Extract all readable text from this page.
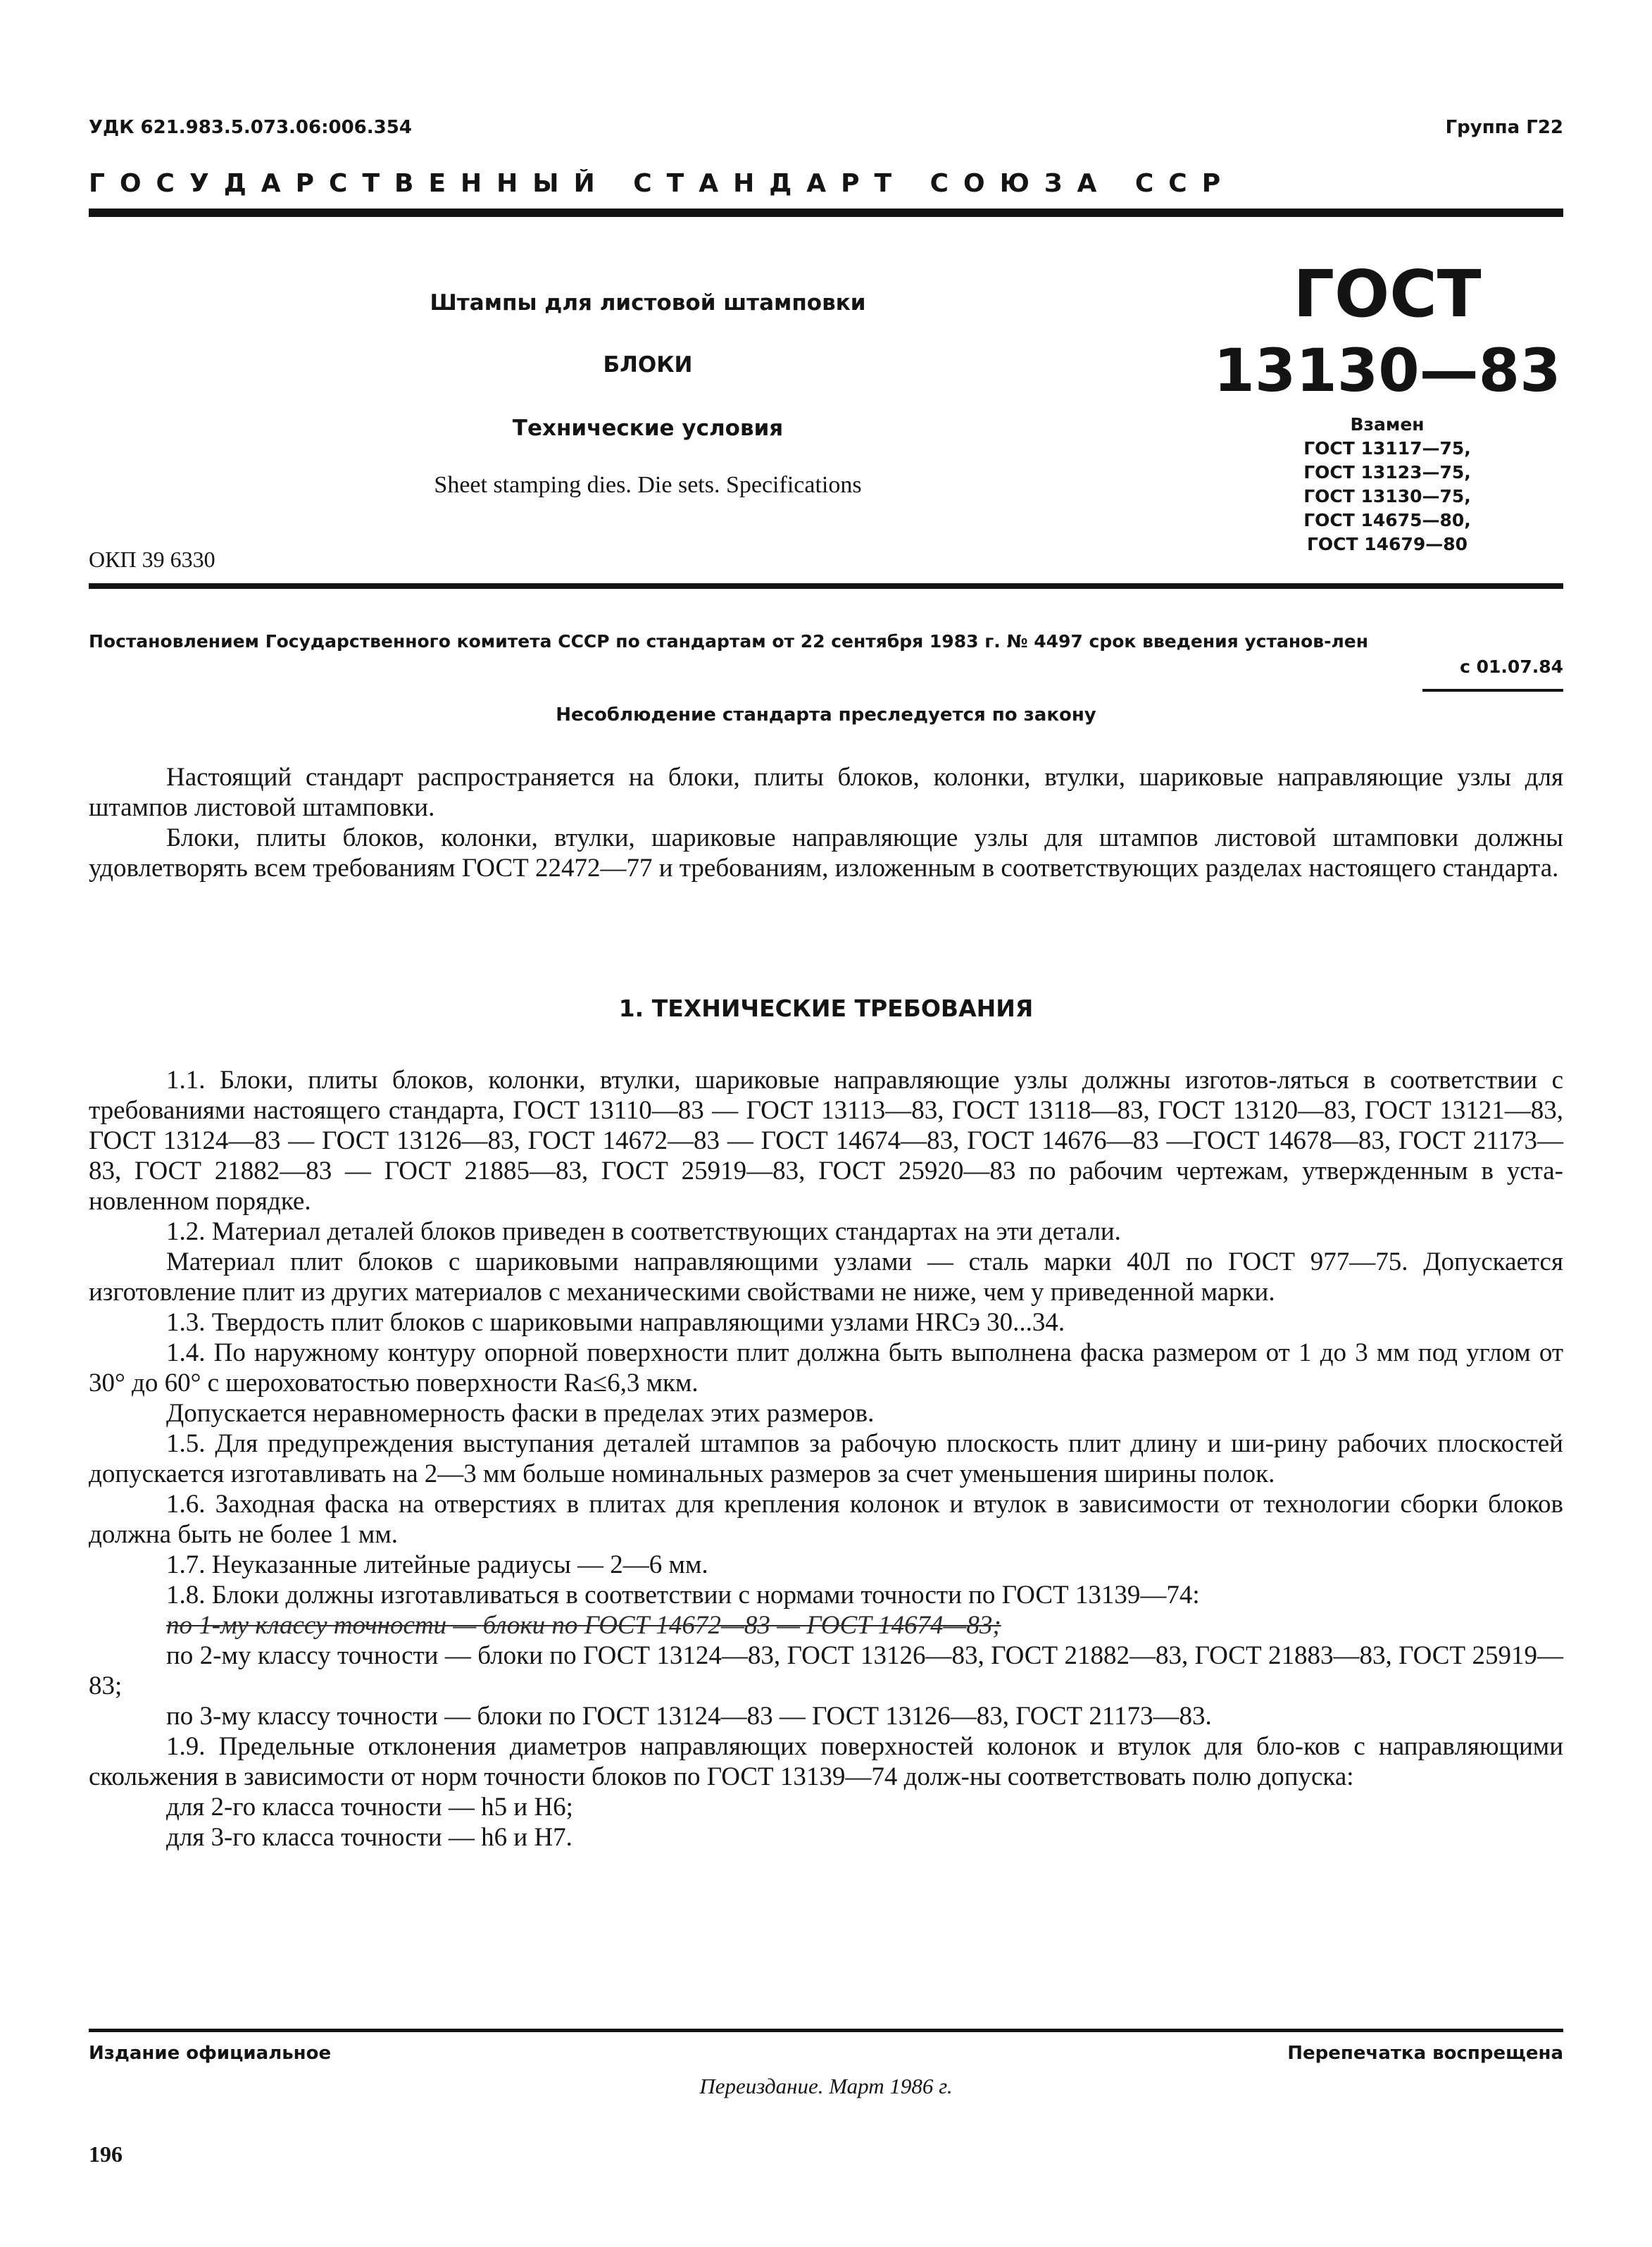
УДК 621.983.5.073.06:006.354	Группа Г22
ГОСУДАРСТВЕННЫЙ СТАНДАРТ СОЮЗА ССР
Штампы для листовой штамповки
БЛОКИ
Технические условия
Sheet stamping dies. Die sets. Specifications
ОКП 39 6330
ГОСТ
13130—83
Взамен
ГОСТ 13117—75,
ГОСТ 13123—75,
ГОСТ 13130—75,
ГОСТ 14675—80,
ГОСТ 14679—80
Постановлением Государственного комитета СССР по стандартам от 22 сентября 1983 г. № 4497 срок введения установ-лен
с 01.07.84
Несоблюдение стандарта преследуется по закону

Настоящий стандарт распространяется на блоки, плиты блоков, колонки, втулки, шариковые направляющие узлы для штампов листовой штамповки.

Блоки, плиты блоков, колонки, втулки, шариковые направляющие узлы для штампов листовой штамповки должны удовлетворять всем требованиям ГОСТ 22472—77 и требованиям, изложенным в соответствующих разделах настоящего стандарта.

1. ТЕХНИЧЕСКИЕ ТРЕБОВАНИЯ

1.1. Блоки, плиты блоков, колонки, втулки, шариковые направляющие узлы должны изготов-ляться в соответствии с требованиями настоящего стандарта, ГОСТ 13110—83 — ГОСТ 13113—83, ГОСТ 13118—83, ГОСТ 13120—83, ГОСТ 13121—83, ГОСТ 13124—83 — ГОСТ 13126—83, ГОСТ 14672—83 — ГОСТ 14674—83, ГОСТ 14676—83 —ГОСТ 14678—83, ГОСТ 21173—83, ГОСТ 21882—83 — ГОСТ 21885—83, ГОСТ 25919—83, ГОСТ 25920—83 по рабочим чертежам, утвержденным в уста-новленном порядке.

1.2. Материал деталей блоков приведен в соответствующих стандартах на эти детали.

Материал плит блоков с шариковыми направляющими узлами — сталь марки 40Л по ГОСТ 977—75. Допускается изготовление плит из других материалов с механическими свойствами не ниже, чем у приведенной марки.

1.3. Твердость плит блоков с шариковыми направляющими узлами HRCэ 30...34.

1.4. По наружному контуру опорной поверхности плит должна быть выполнена фаска размером от 1 до 3 мм под углом от 30° до 60° с шероховатостью поверхности Ra≤6,3 мкм.

Допускается неравномерность фаски в пределах этих размеров.

1.5. Для предупреждения выступания деталей штампов за рабочую плоскость плит длину и ши-рину рабочих плоскостей допускается изготавливать на 2—3 мм больше номинальных размеров за счет уменьшения ширины полок.

1.6. Заходная фаска на отверстиях в плитах для крепления колонок и втулок в зависимости от технологии сборки блоков должна быть не более 1 мм.

1.7. Неуказанные литейные радиусы — 2—6 мм.

1.8. Блоки должны изготавливаться в соответствии с нормами точности по ГОСТ 13139—74:

по 1-му классу точности — блоки по ГОСТ 14672—83 — ГОСТ 14674—83;

по 2-му классу точности — блоки по ГОСТ 13124—83, ГОСТ 13126—83, ГОСТ 21882—83, ГОСТ 21883—83, ГОСТ 25919—83;

по 3-му классу точности — блоки по ГОСТ 13124—83 — ГОСТ 13126—83, ГОСТ 21173—83.

1.9. Предельные отклонения диаметров направляющих поверхностей колонок и втулок для бло-ков с направляющими скольжения в зависимости от норм точности блоков по ГОСТ 13139—74 долж-ны соответствовать полю допуска:

для 2-го класса точности — h5 и H6;

для 3-го класса точности — h6 и H7.

Издание официальное	Перепечатка воспрещена
Переиздание. Март 1986 г.
196
